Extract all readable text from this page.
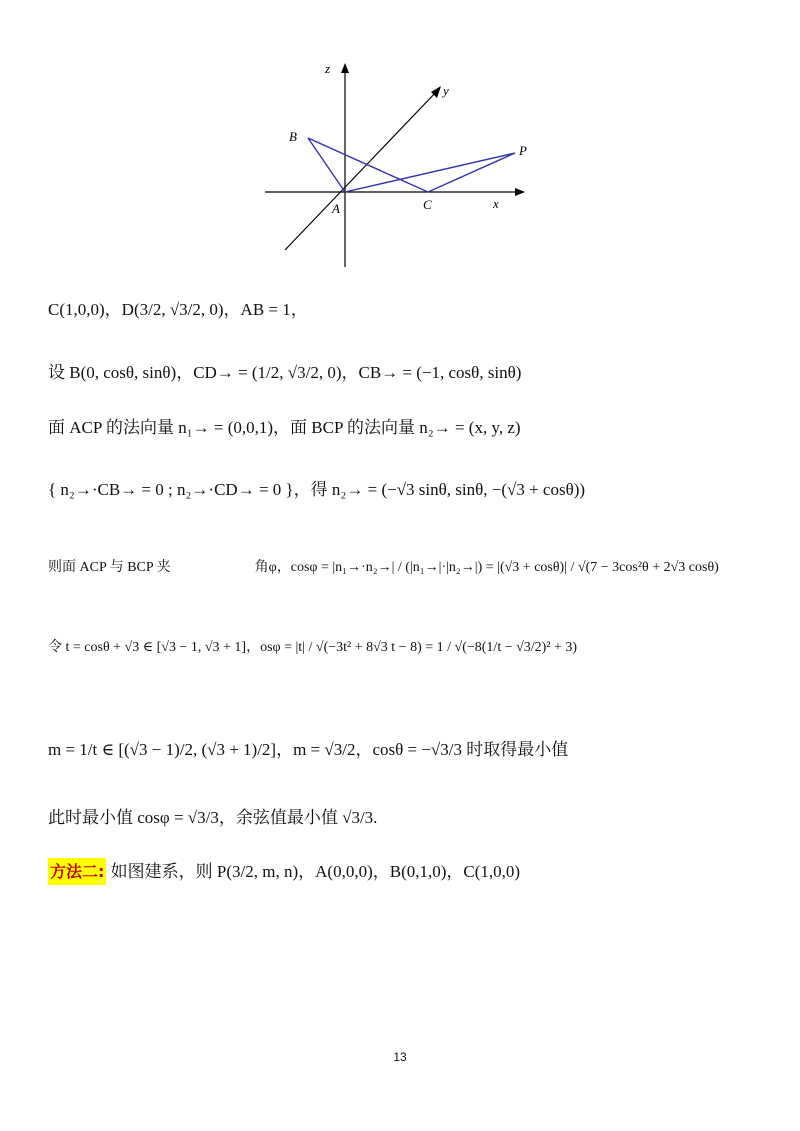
z
y
x
B
P
A	C
C(1,0,0)，D(3/2, √3/2, 0)，AB = 1，
设 B(0, cosθ, sinθ)，CD→ = (1/2, √3/2, 0)，CB→ = (−1, cosθ, sinθ)
面 ACP 的法向量 n₁→ = (0,0,1)，面 BCP 的法向量 n₂→ = (x, y, z)
{ n₂→·CB→ = 0 ; n₂→·CD→ = 0 }，得 n₂→ = (−√3 sinθ, sinθ, −(√3 + cosθ))
则面 ACP 与 BCP 夹　　　　　　角φ，cosφ = |n₁→·n₂→| / (|n₁→|·|n₂→|) = |(√3 + cosθ)| / √(7 − 3cos²θ + 2√3 cosθ)
令 t = cosθ + √3 ∈ [√3 − 1, √3 + 1]，osφ = |t| / √(−3t² + 8√3 t − 8) = 1 / √(−8(1/t − √3/2)² + 3)
m = 1/t ∈ [(√3 − 1)/2, (√3 + 1)/2]，m = √3/2，cosθ = −√3/3 时取得最小值
此时最小值 cosφ = √3/3，余弦值最小值 √3/3.
方法二: 如图建系，则 P(3/2, m, n)，A(0,0,0)，B(0,1,0)，C(1,0,0)
13
